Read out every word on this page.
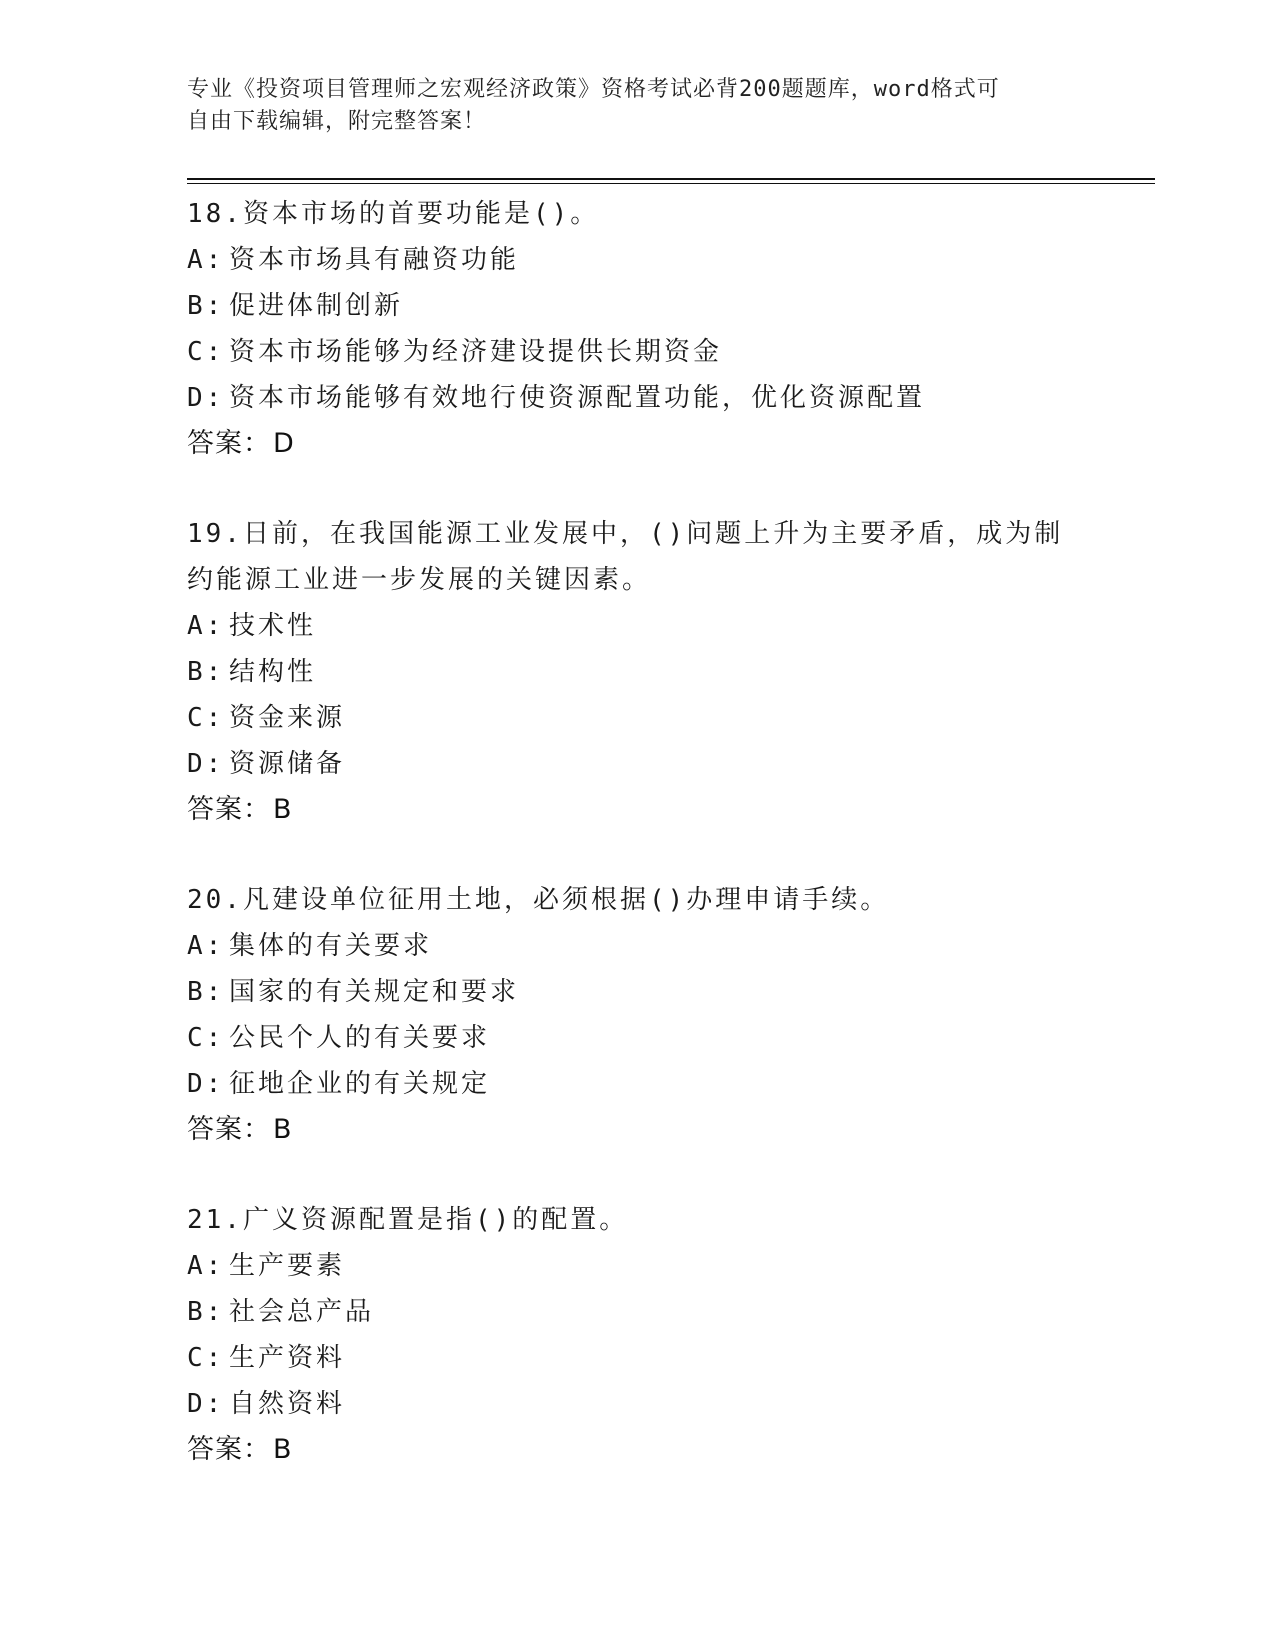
专业《投资项目管理师之宏观经济政策》资格考试必背200题题库，word格式可

自由下载编辑，附完整答案！

18.资本市场的首要功能是()。
A: 资本市场具有融资功能
B: 促进体制创新
C: 资本市场能够为经济建设提供长期资金
D: 资本市场能够有效地行使资源配置功能，优化资源配置
答案：D
19.日前，在我国能源工业发展中，()问题上升为主要矛盾，成为制约能源工业进一步发展的关键因素。
A: 技术性
B: 结构性
C: 资金来源
D: 资源储备
答案：B
20.凡建设单位征用土地，必须根据()办理申请手续。
A: 集体的有关要求
B: 国家的有关规定和要求
C: 公民个人的有关要求
D: 征地企业的有关规定
答案：B
21.广义资源配置是指()的配置。
A: 生产要素
B: 社会总产品
C: 生产资料
D: 自然资料
答案：B
